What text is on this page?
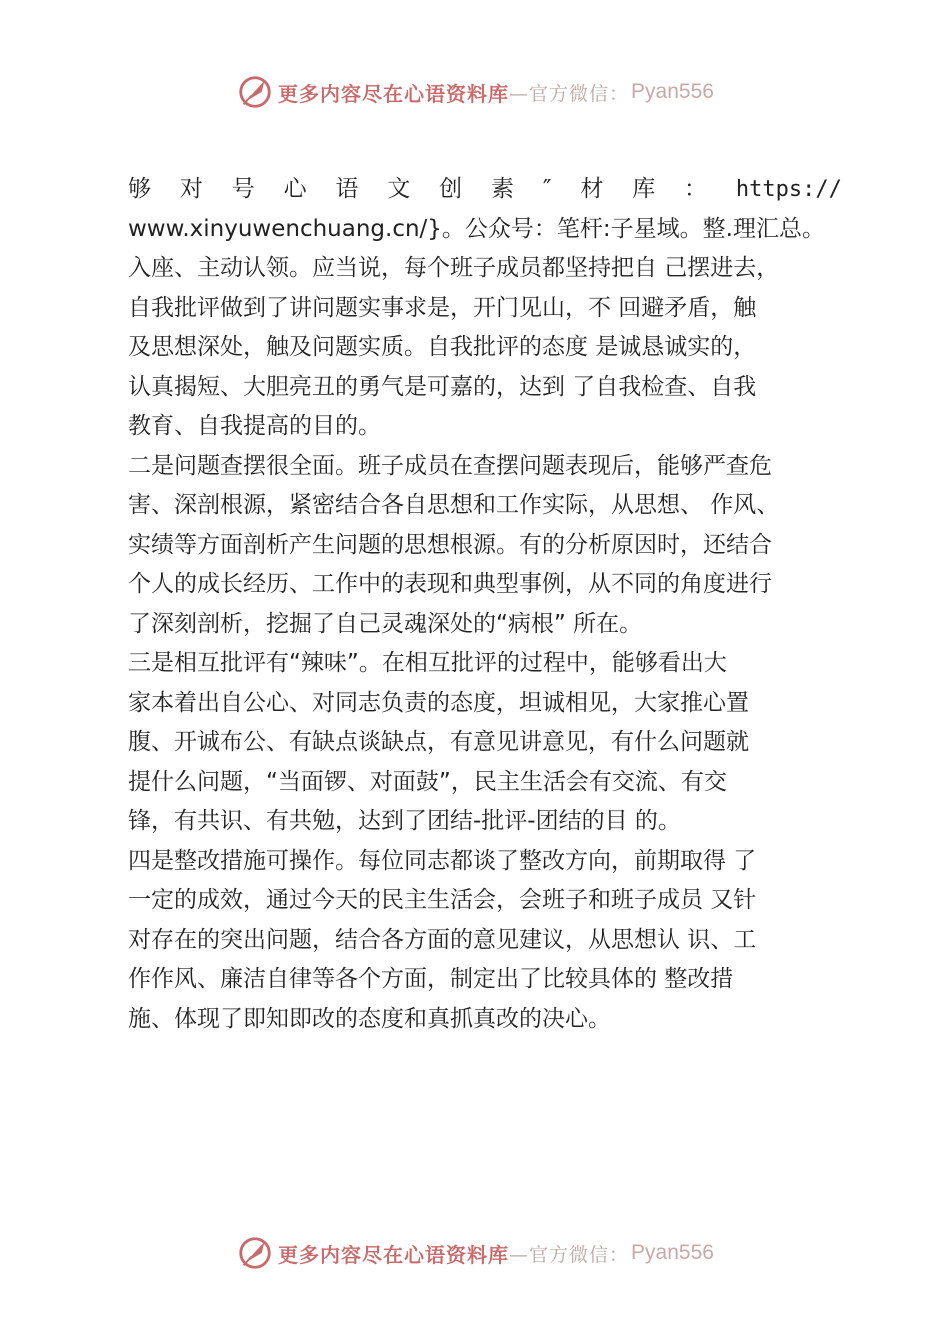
更多内容尽在心语资料库 —官方微信： Pyan556
够 对 号 心 语 文 创 素 ″ 材 库 ： https://
www.xinyuwenchuang.cn/}。公众号：笔杆:子星域。整.理汇总。
入座、主动认领。应当说，每个班子成员都坚持把自 己摆进去，
自我批评做到了讲问题实事求是，开门见山，不 回避矛盾，触
及思想深处，触及问题实质。自我批评的态度 是诚恳诚实的，
认真揭短、大胆亮丑的勇气是可嘉的，达到 了自我检查、自我
教育、自我提高的目的。
二是问题查摆很全面。班子成员在查摆问题表现后，能够严查危
害、深剖根源，紧密结合各自思想和工作实际，从思想、 作风、
实绩等方面剖析产生问题的思想根源。有的分析原因时，还结合
个人的成长经历、工作中的表现和典型事例，从不同的角度进行
了深刻剖析，挖掘了自己灵魂深处的“病根” 所在。
三是相互批评有“辣味”。在相互批评的过程中，能够看出大
家本着出自公心、对同志负责的态度，坦诚相见，大家推心置
腹、开诚布公、有缺点谈缺点，有意见讲意见，有什么问题就
提什么问题，“当面锣、对面鼓”，民主生活会有交流、有交
锋，有共识、有共勉，达到了团结-批评-团结的目 的。
四是整改措施可操作。每位同志都谈了整改方向，前期取得 了
一定的成效，通过今天的民主生活会，会班子和班子成员 又针
对存在的突出问题，结合各方面的意见建议，从思想认 识、工
作作风、廉洁自律等各个方面，制定出了比较具体的 整改措
施、体现了即知即改的态度和真抓真改的决心。
更多内容尽在心语资料库 —官方微信： Pyan556
